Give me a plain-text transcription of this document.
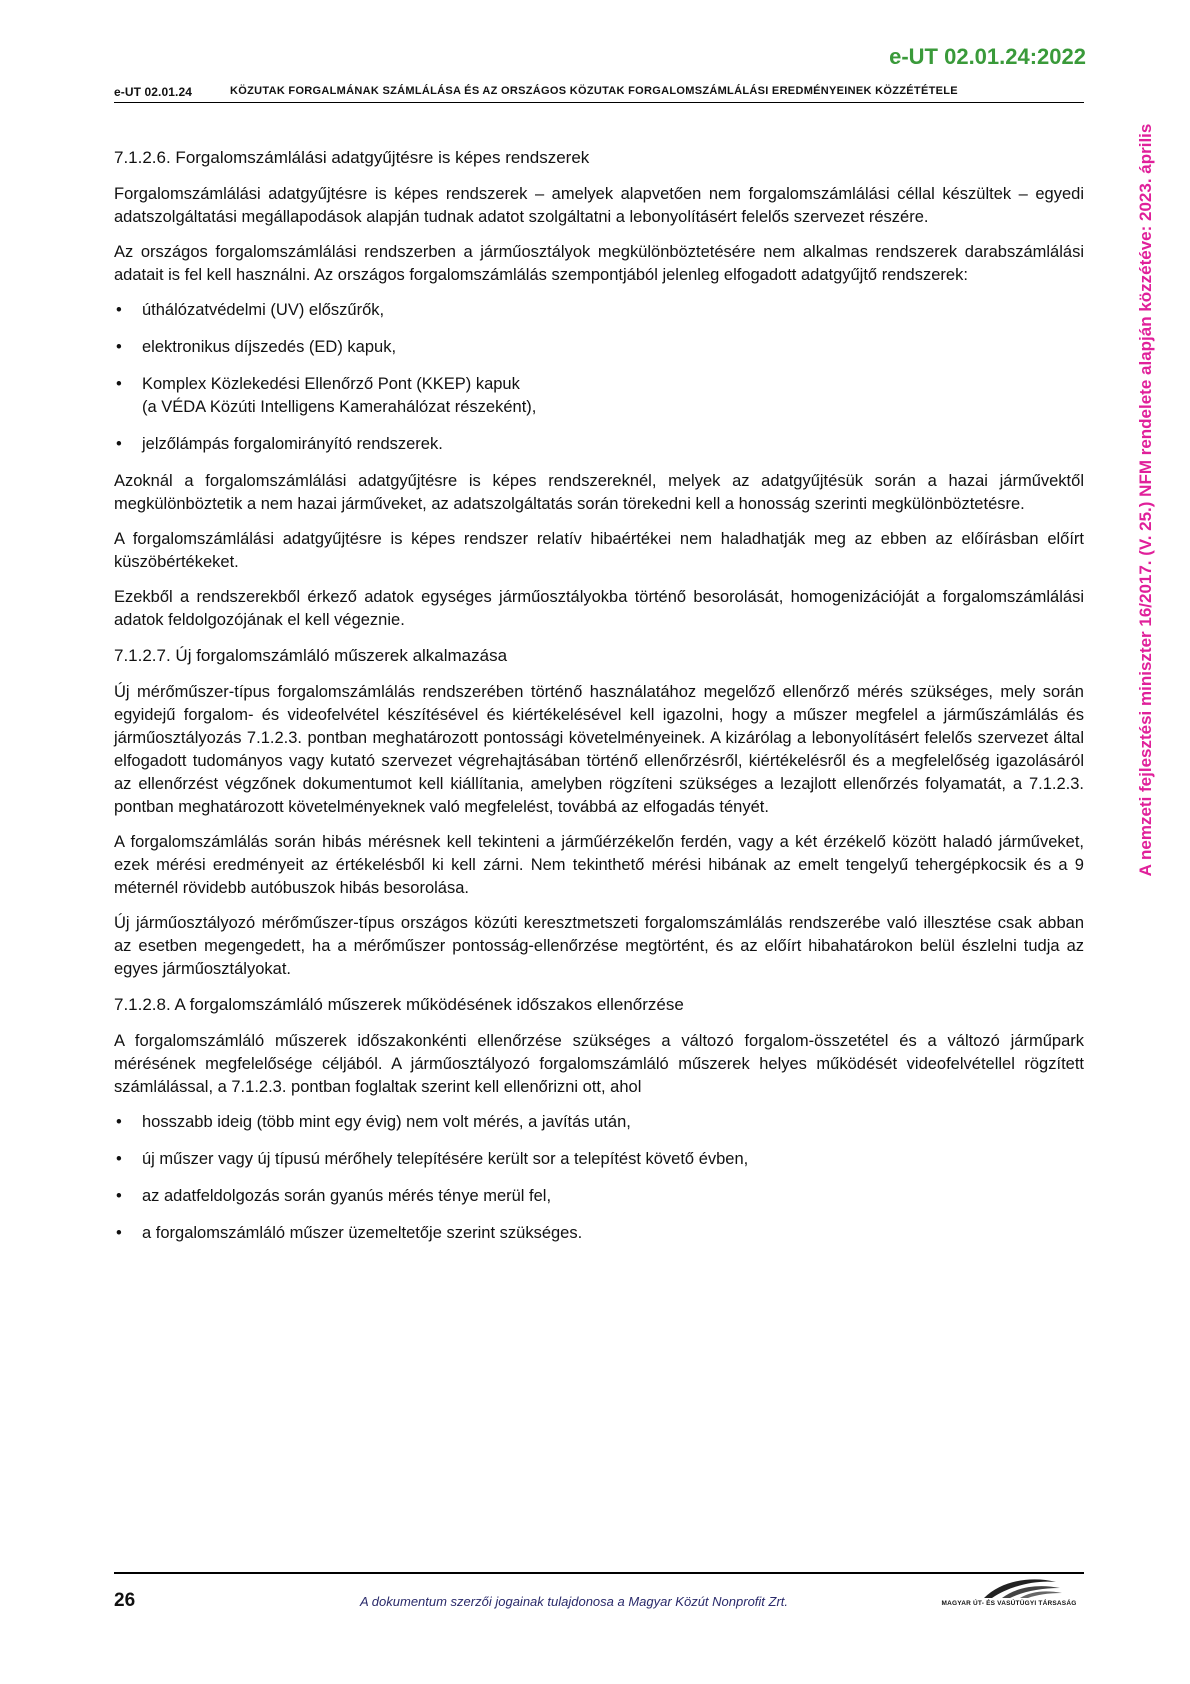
e-UT 02.01.24:2022
e-UT 02.01.24	KÖZUTAK FORGALMÁNAK SZÁMLÁLÁSA ÉS AZ ORSZÁGOS KÖZUTAK FORGALOMSZÁMLÁLÁSI EREDMÉNYEINEK KÖZZÉTÉTELE
A nemzeti fejlesztési miniszter 16/2017. (V. 25.) NFM rendelete alapján közzétéve: 2023. április
7.1.2.6. Forgalomszámlálási adatgyűjtésre is képes rendszerek

Forgalomszámlálási adatgyűjtésre is képes rendszerek – amelyek alapvetően nem forgalomszámlálási céllal készültek – egyedi adatszolgáltatási megállapodások alapján tudnak adatot szolgáltatni a lebonyolításért felelős szervezet részére.

Az országos forgalomszámlálási rendszerben a járműosztályok megkülönböztetésére nem alkalmas rendszerek darabszámlálási adatait is fel kell használni. Az országos forgalomszámlálás szempontjából jelenleg elfogadott adatgyűjtő rendszerek:

• úthálózatvédelmi (UV) előszűrők,
• elektronikus díjszedés (ED) kapuk,
• Komplex Közlekedési Ellenőrző Pont (KKEP) kapuk
(a VÉDA Közúti Intelligens Kamerahálózat részeként),
• jelzőlámpás forgalomirányító rendszerek.

Azoknál a forgalomszámlálási adatgyűjtésre is képes rendszereknél, melyek az adatgyűjtésük során a hazai járművektől megkülönböztetik a nem hazai járműveket, az adatszolgáltatás során törekedni kell a honosság szerinti megkülönböztetésre.

A forgalomszámlálási adatgyűjtésre is képes rendszer relatív hibaértékei nem haladhatják meg az ebben az előírásban előírt küszöbértékeket.

Ezekből a rendszerekből érkező adatok egységes járműosztályokba történő besorolását, homogenizációját a forgalomszámlálási adatok feldolgozójának el kell végeznie.

7.1.2.7. Új forgalomszámláló műszerek alkalmazása

Új mérőműszer-típus forgalomszámlálás rendszerében történő használatához megelőző ellenőrző mérés szükséges, mely során egyidejű forgalom- és videofelvétel készítésével és kiértékelésével kell igazolni, hogy a műszer megfelel a járműszámlálás és járműosztályozás 7.1.2.3. pontban meghatározott pontossági követelményeinek. A kizárólag a lebonyolításért felelős szervezet által elfogadott tudományos vagy kutató szervezet végrehajtásában történő ellenőrzésről, kiértékelésről és a megfelelőség igazolásáról az ellenőrzést végzőnek dokumentumot kell kiállítania, amelyben rögzíteni szükséges a lezajlott ellenőrzés folyamatát, a 7.1.2.3. pontban meghatározott követelményeknek való megfelelést, továbbá az elfogadás tényét.

A forgalomszámlálás során hibás mérésnek kell tekinteni a járműérzékelőn ferdén, vagy a két érzékelő között haladó járműveket, ezek mérési eredményeit az értékelésből ki kell zárni. Nem tekinthető mérési hibának az emelt tengelyű tehergépkocsik és a 9 méternél rövidebb autóbuszok hibás besorolása.

Új járműosztályozó mérőműszer-típus országos közúti keresztmetszeti forgalomszámlálás rendszerébe való illesztése csak abban az esetben megengedett, ha a mérőműszer pontosság-ellenőrzése megtörtént, és az előírt hibahatárokon belül észlelni tudja az egyes járműosztályokat.

7.1.2.8. A forgalomszámláló műszerek működésének időszakos ellenőrzése

A forgalomszámláló műszerek időszakonkénti ellenőrzése szükséges a változó forgalom-összetétel és a változó járműpark mérésének megfelelősége céljából. A járműosztályozó forgalomszámláló műszerek helyes működését videofelvétellel rögzített számlálással, a 7.1.2.3. pontban foglaltak szerint kell ellenőrizni ott, ahol

• hosszabb ideig (több mint egy évig) nem volt mérés, a javítás után,
• új műszer vagy új típusú mérőhely telepítésére került sor a telepítést követő évben,
• az adatfeldolgozás során gyanús mérés ténye merül fel,
• a forgalomszámláló műszer üzemeltetője szerint szükséges.
26	A dokumentum szerzői jogainak tulajdonosa a Magyar Közút Nonprofit Zrt.	MAGYAR ÚT- ÉS VASÚTÜGYI TÁRSASÁG
